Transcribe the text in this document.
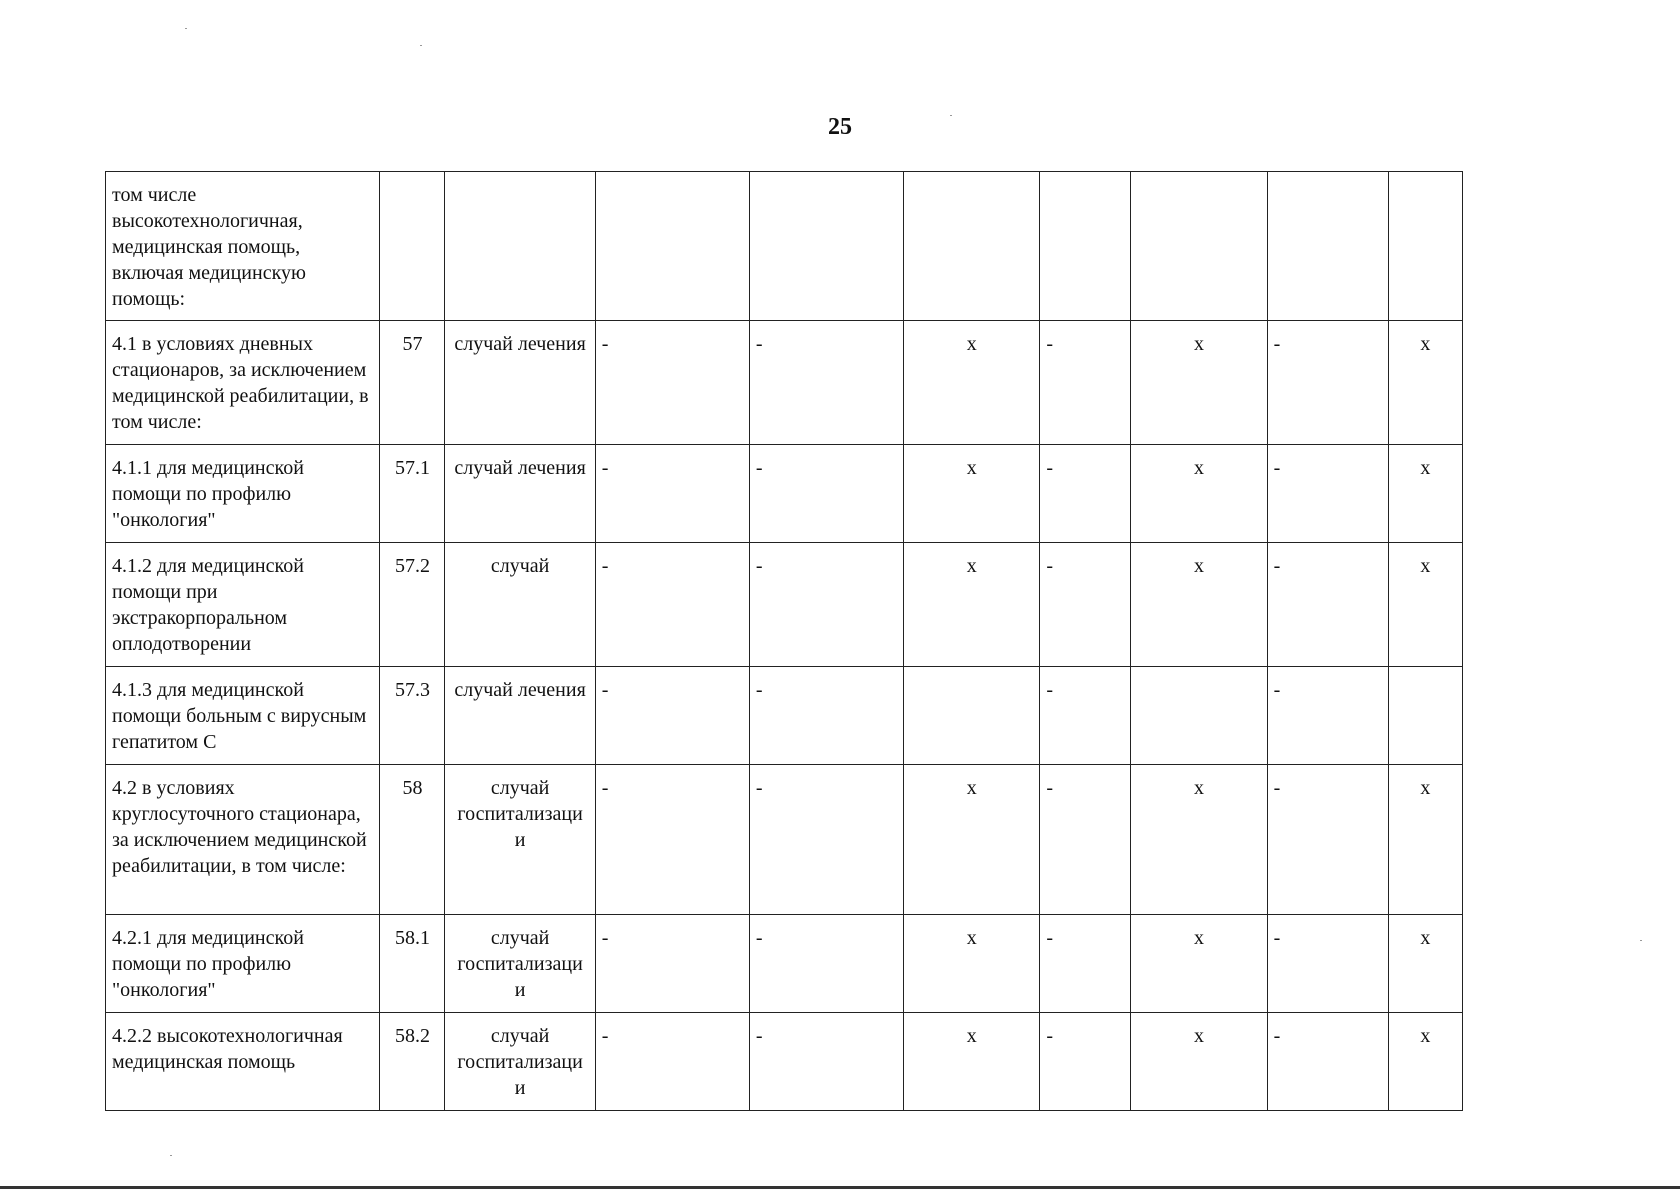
25
том числе высокотехнологичная, медицинская помощь, включая медицинскую помощь:									
4.1 в условиях дневных стационаров, за исключением медицинской реабилитации, в том числе:	57	случай лечения	-	-	х	-	х	-	х
4.1.1 для медицинской помощи по профилю "онкология"	57.1	случай лечения	-	-	х	-	х	-	х
4.1.2 для медицинской помощи при экстракорпоральном оплодотворении	57.2	случай	-	-	х	-	х	-	х
4.1.3 для медицинской помощи больным с вирусным гепатитом С	57.3	случай лечения	-	-		-		-	
4.2 в условиях круглосуточного стационара, за исключением медицинской реабилитации, в том числе:	58	случай госпитализаци и	-	-	х	-	х	-	х
4.2.1 для медицинской помощи по профилю "онкология"	58.1	случай госпитализаци и	-	-	х	-	х	-	х
4.2.2 высокотехнологичная медицинская помощь	58.2	случай госпитализаци и	-	-	х	-	х	-	х
